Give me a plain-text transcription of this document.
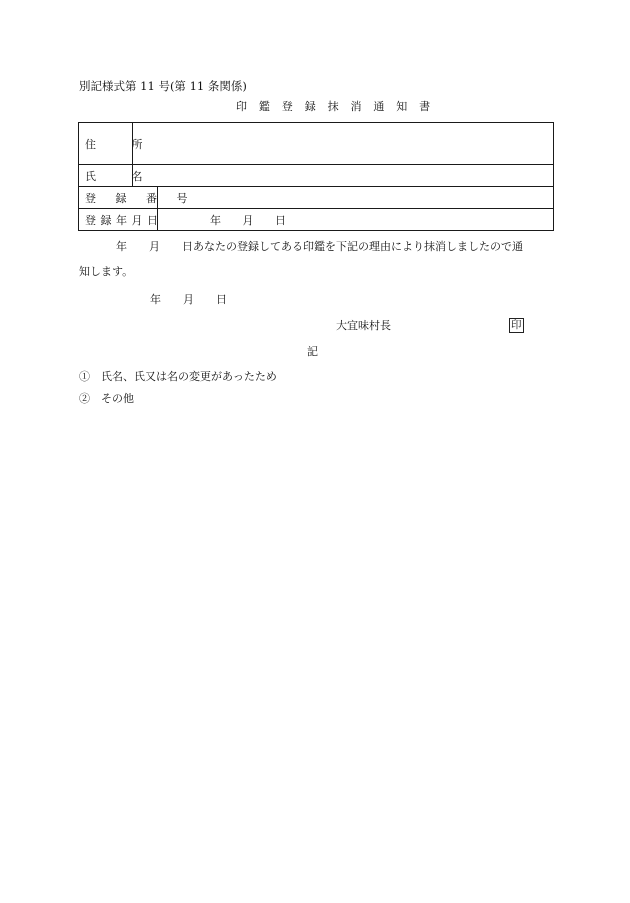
別記様式第 11 号(第 11 条関係)
印 鑑 登 録 抹 消 通 知 書
住 所		
氏 名		
登 録 番 号		
登 録 年 月 日		年 月 日
年　　月　　日あなたの登録してある印鑑を下記の理由により抹消しましたので通
知します。
年　　月　　日
大宜味村長	印
記
①　氏名、氏又は名の変更があったため
②　その他
